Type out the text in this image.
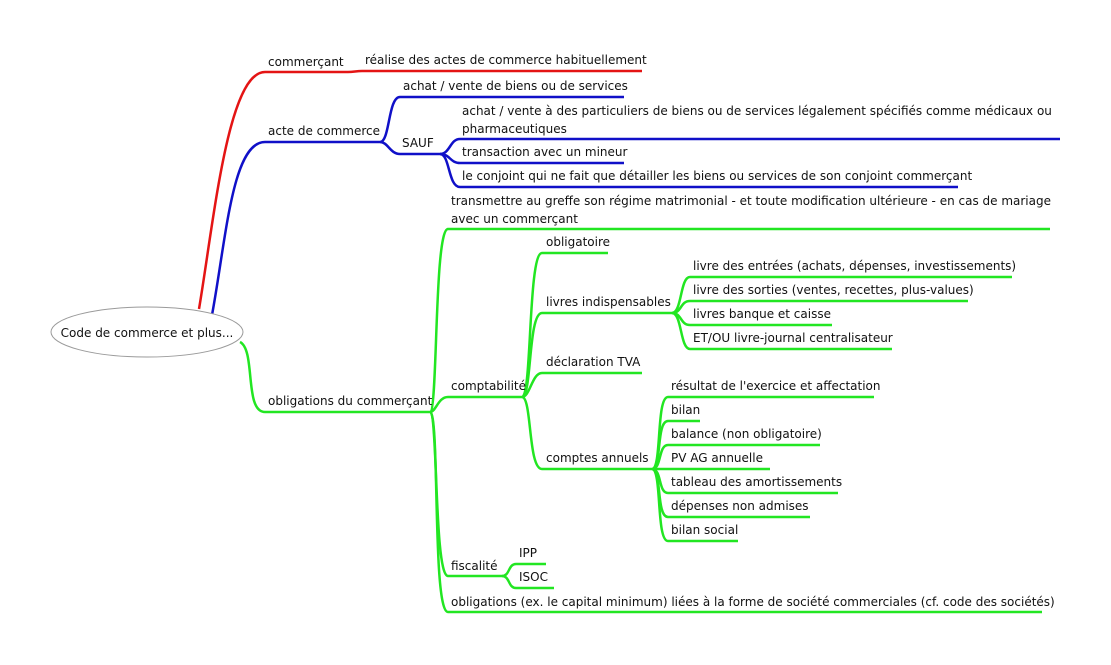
commerçant réalise des actes de commerce habituellement
acte de commerce
achat / vente de biens ou de services
SAUF
achat / vente à des particuliers de biens ou de services légalement spécifiés comme médicaux ou
pharmaceutiques
transaction avec un mineur
le conjoint qui ne fait que détailler les biens ou services de son conjoint commerçant
obligations du commerçant
transmettre au greffe son régime matrimonial - et toute modification ultérieure - en cas de mariage
avec un commerçant
comptabilité
obligatoire
livres indispensables
livre des entrées (achats, dépenses, investissements)
livre des sorties (ventes, recettes, plus-values)
livres banque et caisse
ET/OU livre-journal centralisateur
déclaration TVA
comptes annuels
résultat de l'exercice et affectation
bilan
balance (non obligatoire)
PV AG annuelle
tableau des amortissements
dépenses non admises
bilan social
fiscalité
IPP
ISOC
obligations (ex. le capital minimum) liées à la forme de société commerciales (cf. code des sociétés)
Code de commerce et plus...
